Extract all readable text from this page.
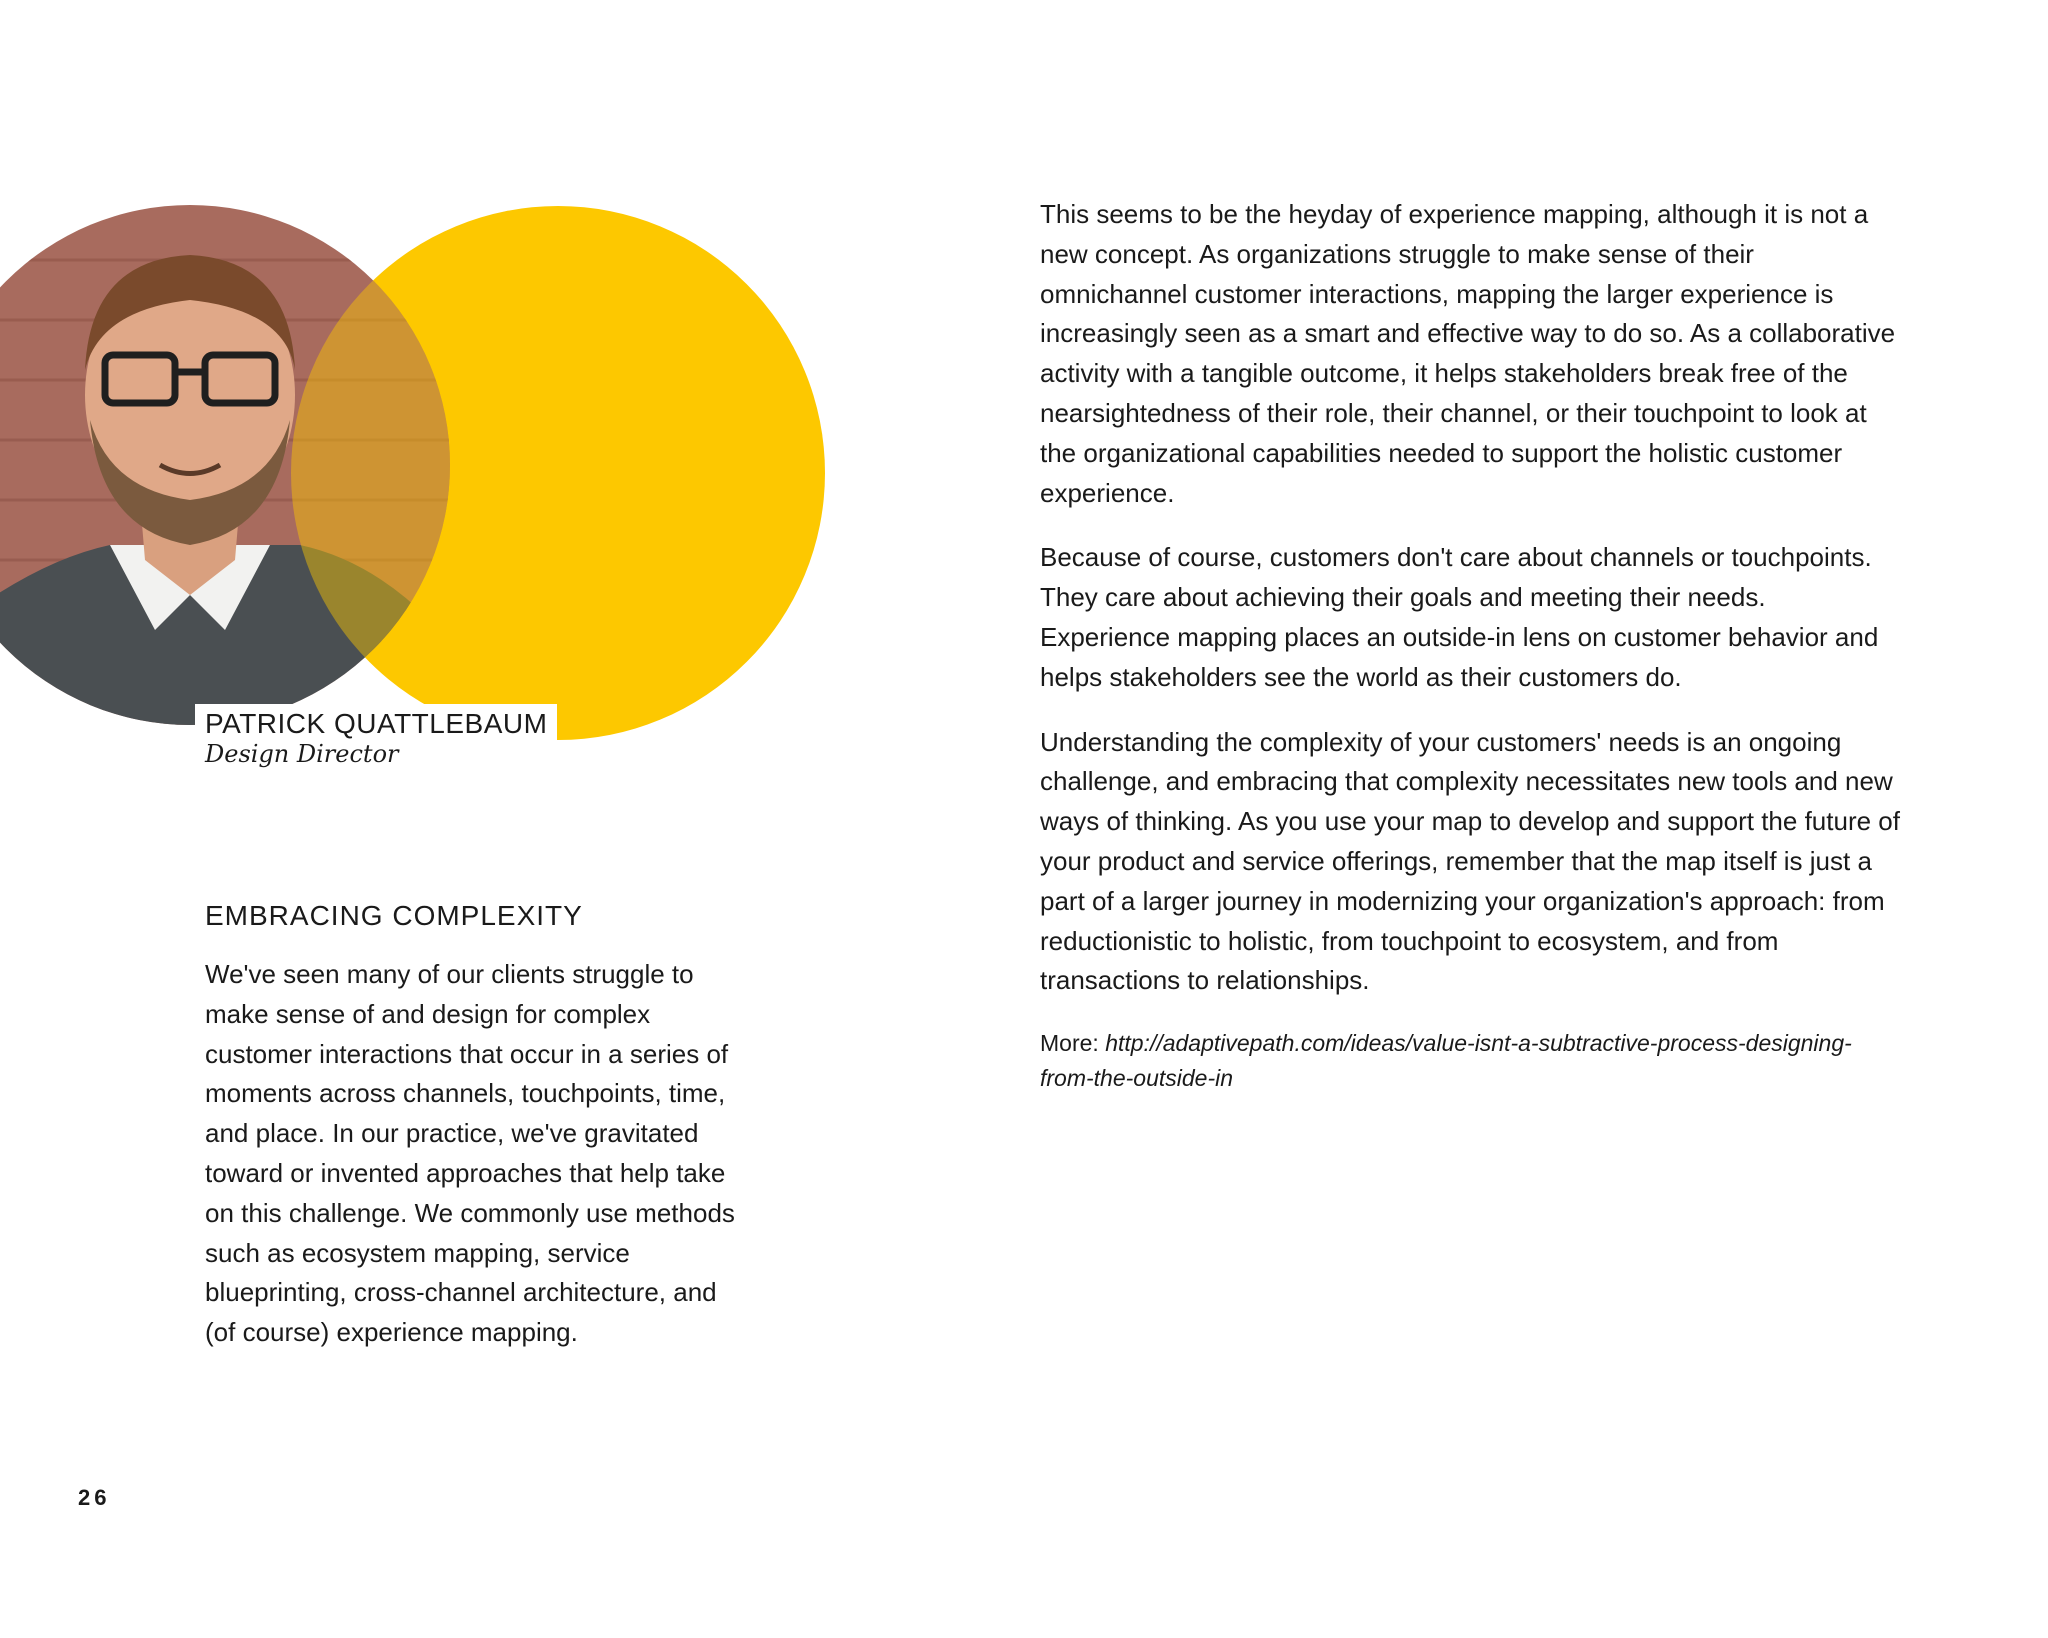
PATRICK QUATTLEBAUM
Design Director
EMBRACING COMPLEXITY

We've seen many of our clients struggle to make sense of and design for complex customer interactions that occur in a series of moments across channels, touchpoints, time, and place. In our practice, we've gravitated toward or invented approaches that help take on this challenge. We commonly use methods such as ecosystem mapping, service blueprinting, cross-channel architecture, and (of course) experience mapping.

This seems to be the heyday of experience mapping, although it is not a new concept. As organizations struggle to make sense of their omnichannel customer interactions, mapping the larger experience is increasingly seen as a smart and effective way to do so. As a collaborative activity with a tangible outcome, it helps stakeholders break free of the nearsightedness of their role, their channel, or their touchpoint to look at the organizational capabilities needed to support the holistic customer experience.

Because of course, customers don't care about channels or touchpoints. They care about achieving their goals and meeting their needs. Experience mapping places an outside-in lens on customer behavior and helps stakeholders see the world as their customers do.

Understanding the complexity of your customers' needs is an ongoing challenge, and embracing that complexity necessitates new tools and new ways of thinking. As you use your map to develop and support the future of your product and service offerings, remember that the map itself is just a part of a larger journey in modernizing your organization's approach: from reductionistic to holistic, from touchpoint to ecosystem, and from transactions to relationships.

More: http://adaptivepath.com/ideas/value-isnt-a-subtractive-process-designing-from-the-outside-in

26
